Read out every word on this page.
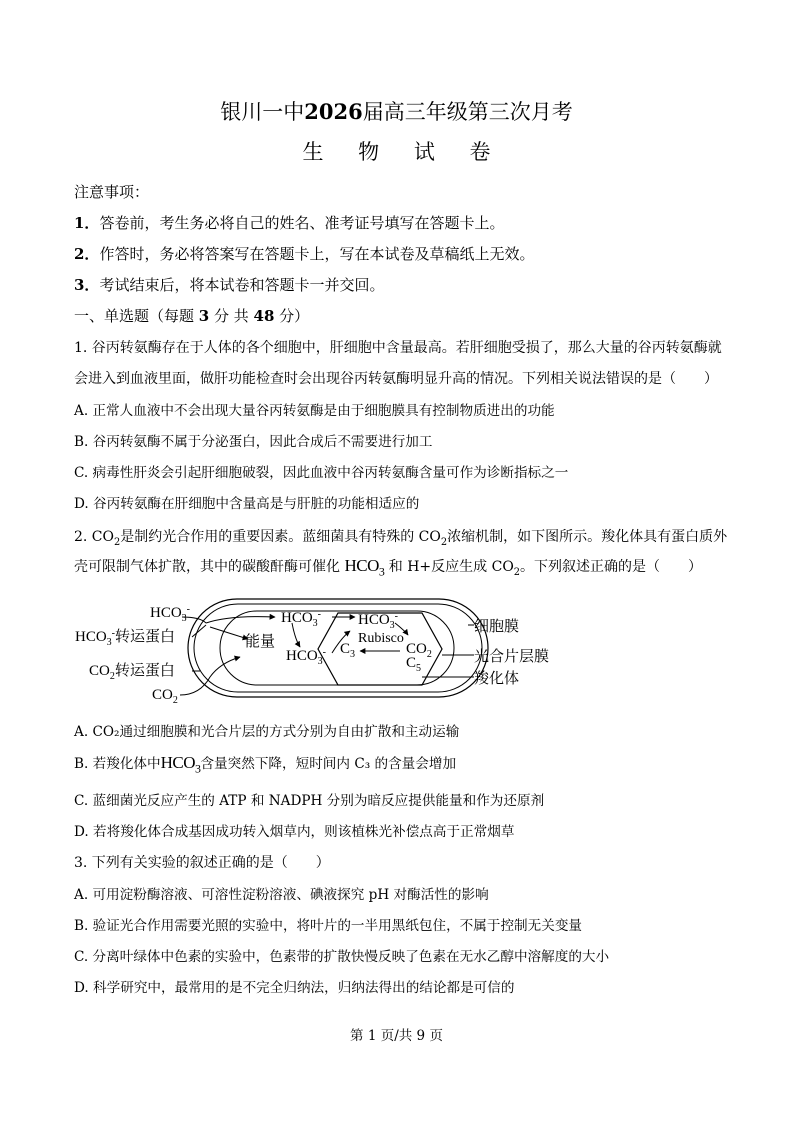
银川一中2026届高三年级第三次月考
生 物 试 卷
注意事项：
1．答卷前，考生务必将自己的姓名、准考证号填写在答题卡上。
2．作答时，务必将答案写在答题卡上，写在本试卷及草稿纸上无效。
3．考试结束后，将本试卷和答题卡一并交回。
一、单选题（每题 3 分 共 48 分）
1. 谷丙转氨酶存在于人体的各个细胞中，肝细胞中含量最高。若肝细胞受损了，那么大量的谷丙转氨酶就
会进入到血液里面，做肝功能检查时会出现谷丙转氨酶明显升高的情况。下列相关说法错误的是（　　）
A. 正常人血液中不会出现大量谷丙转氨酶是由于细胞膜具有控制物质进出的功能
B. 谷丙转氨酶不属于分泌蛋白，因此合成后不需要进行加工
C. 病毒性肝炎会引起肝细胞破裂，因此血液中谷丙转氨酶含量可作为诊断指标之一
D. 谷丙转氨酶在肝细胞中含量高是与肝脏的功能相适应的
2. $CO_2$是制约光合作用的重要因素。蓝细菌具有特殊的 $CO_2$浓缩机制，如下图所示。羧化体具有蛋白质外
壳可限制气体扩散，其中的碳酸酐酶可催化 $HCO_3$ 和 H+反应生成 $CO_2$。下列叙述正确的是（　　）
$HCO_3^-$
$HCO_3^-$转运蛋白
$CO_2$转运蛋白
$CO_2$
$HCO_3^-$
能量
$HCO_3^-$
$HCO_3^-$
Rubisco
$C_3$	$CO_2$
$C_5$
细胞膜
光合片层膜
羧化体
A. CO₂通过细胞膜和光合片层的方式分别为自由扩散和主动运输
B. 若羧化体中$HCO_3$含量突然下降，短时间内 C₃ 的含量会增加
C. 蓝细菌光反应产生的 ATP 和 NADPH 分别为暗反应提供能量和作为还原剂
D. 若将羧化体合成基因成功转入烟草内，则该植株光补偿点高于正常烟草
3. 下列有关实验的叙述正确的是（　　）
A. 可用淀粉酶溶液、可溶性淀粉溶液、碘液探究 pH 对酶活性的影响
B. 验证光合作用需要光照的实验中，将叶片的一半用黑纸包住，不属于控制无关变量
C. 分离叶绿体中色素的实验中，色素带的扩散快慢反映了色素在无水乙醇中溶解度的大小
D. 科学研究中，最常用的是不完全归纳法，归纳法得出的结论都是可信的
第 1 页/共 9 页
